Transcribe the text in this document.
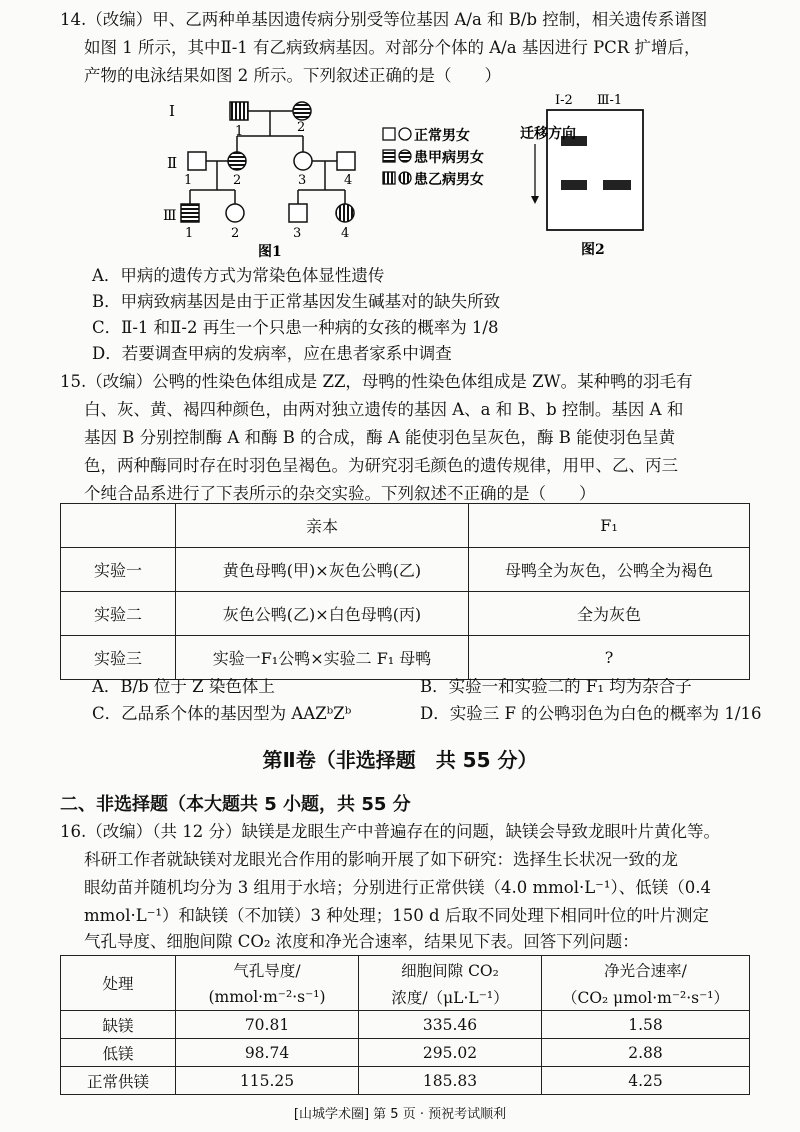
14.（改编）甲、乙两种单基因遗传病分别受等位基因 A/a 和 B/b 控制，相关遗传系谱图
如图 1 所示，其中Ⅱ-1 有乙病致病基因。对部分个体的 A/a 基因进行 PCR 扩增后，
产物的电泳结果如图 2 所示。下列叙述正确的是（　　）
Ⅰ
Ⅱ
Ⅲ
1	2
1	2	3	4
1	2	3	4
图1
正常男女
患甲病男女
患乙病男女
Ⅰ-2 Ⅲ-1
迁移方向
图2
A．甲病的遗传方式为常染色体显性遗传
B．甲病致病基因是由于正常基因发生碱基对的缺失所致
C．Ⅱ-1 和Ⅱ-2 再生一个只患一种病的女孩的概率为 1/8
D．若要调查甲病的发病率，应在患者家系中调查
15.（改编）公鸭的性染色体组成是 ZZ，母鸭的性染色体组成是 ZW。某种鸭的羽毛有
白、灰、黄、褐四种颜色，由两对独立遗传的基因 A、a 和 B、b 控制。基因 A 和
基因 B 分别控制酶 A 和酶 B 的合成，酶 A 能使羽色呈灰色，酶 B 能使羽色呈黄
色，两种酶同时存在时羽色呈褐色。为研究羽毛颜色的遗传规律，用甲、乙、丙三
个纯合品系进行了下表所示的杂交实验。下列叙述不正确的是（　　）
	亲本	F₁
实验一	黄色母鸭(甲)×灰色公鸭(乙)	母鸭全为灰色，公鸭全为褐色
实验二	灰色公鸭(乙)×白色母鸭(丙)	全为灰色
实验三	实验一F₁公鸭×实验二 F₁ 母鸭	?
A．B/b 位于 Z 染色体上	B．实验一和实验二的 F₁ 均为杂合子
C．乙品系个体的基因型为 AAZᵇZᵇ	D．实验三 F 的公鸭羽色为白色的概率为 1/16
第Ⅱ卷（非选择题　共 55 分）
二、非选择题（本大题共 5 小题，共 55 分
16.（改编）（共 12 分）缺镁是龙眼生产中普遍存在的问题，缺镁会导致龙眼叶片黄化等。
科研工作者就缺镁对龙眼光合作用的影响开展了如下研究：选择生长状况一致的龙
眼幼苗并随机均分为 3 组用于水培；分别进行正常供镁（4.0 mmol·L⁻¹）、低镁（0.4
mmol·L⁻¹）和缺镁（不加镁）3 种处理；150 d 后取不同处理下相同叶位的叶片测定
气孔导度、细胞间隙 CO₂ 浓度和净光合速率，结果见下表。回答下列问题：
处理	气孔导度/	细胞间隙 CO₂	净光合速率/
	(mmol·m⁻²·s⁻¹)	浓度/（μL·L⁻¹）	（CO₂ μmol·m⁻²·s⁻¹）
缺镁	70.81	335.46	1.58
低镁	98.74	295.02	2.88
正常供镁	115.25	185.83	4.25
[山城学术圈] 第 5 页 · 预祝考试顺利
